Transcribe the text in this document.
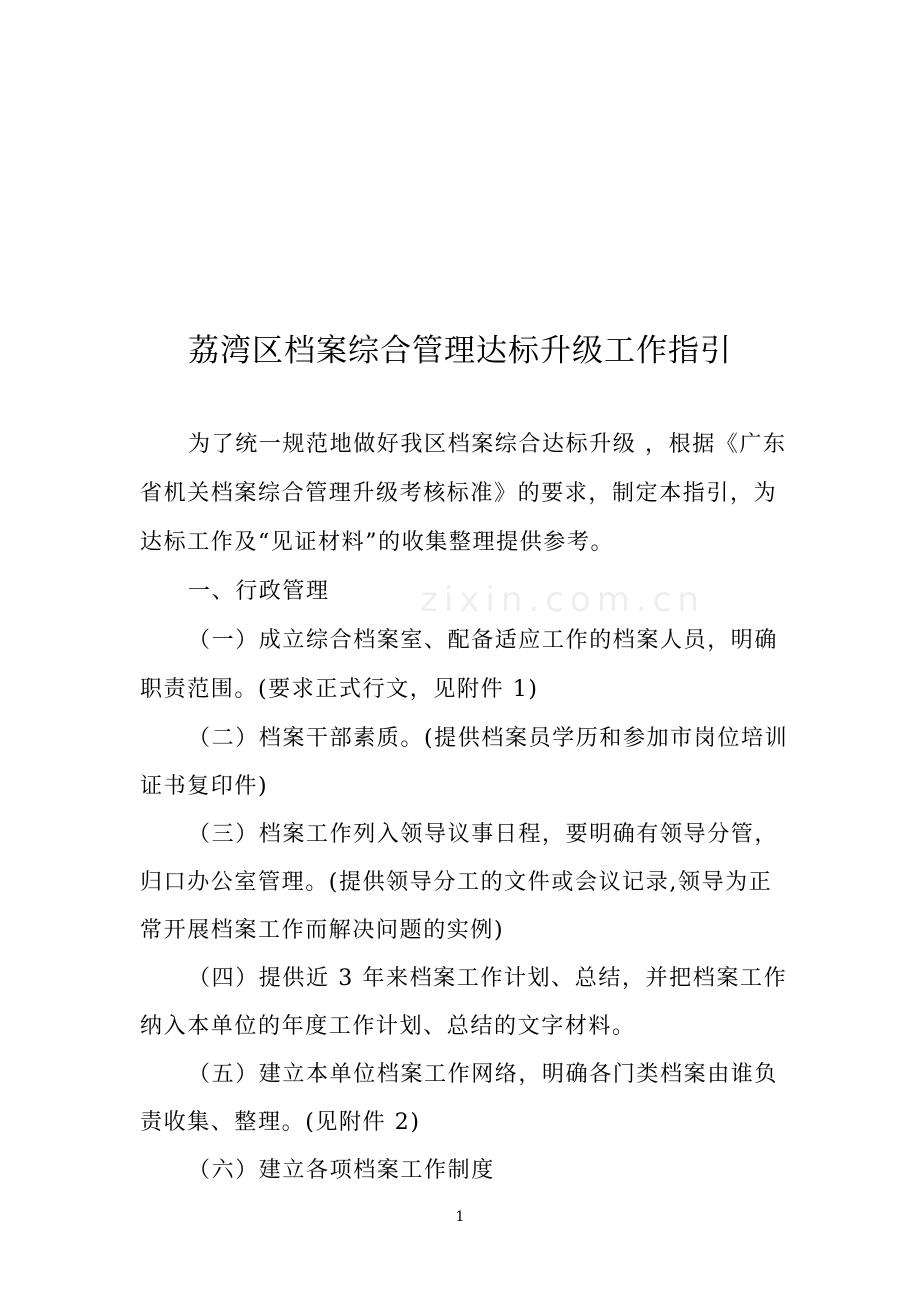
zixin.com.cn
荔湾区档案综合管理达标升级工作指引
为了统一规范地做好我区档案综合达标升级 ，根据《广东
省机关档案综合管理升级考核标准》的要求，制定本指引，为
达标工作及“见证材料”的收集整理提供参考。
一、行政管理
（一）成立综合档案室、配备适应工作的档案人员，明确
职责范围。(要求正式行文，见附件 1)
（二）档案干部素质。(提供档案员学历和参加市岗位培训
证书复印件)
（三）档案工作列入领导议事日程，要明确有领导分管，
归口办公室管理。(提供领导分工的文件或会议记录,领导为正
常开展档案工作而解决问题的实例)
（四）提供近 3 年来档案工作计划、总结，并把档案工作
纳入本单位的年度工作计划、总结的文字材料。
（五）建立本单位档案工作网络，明确各门类档案由谁负
责收集、整理。(见附件 2)
（六）建立各项档案工作制度
1
